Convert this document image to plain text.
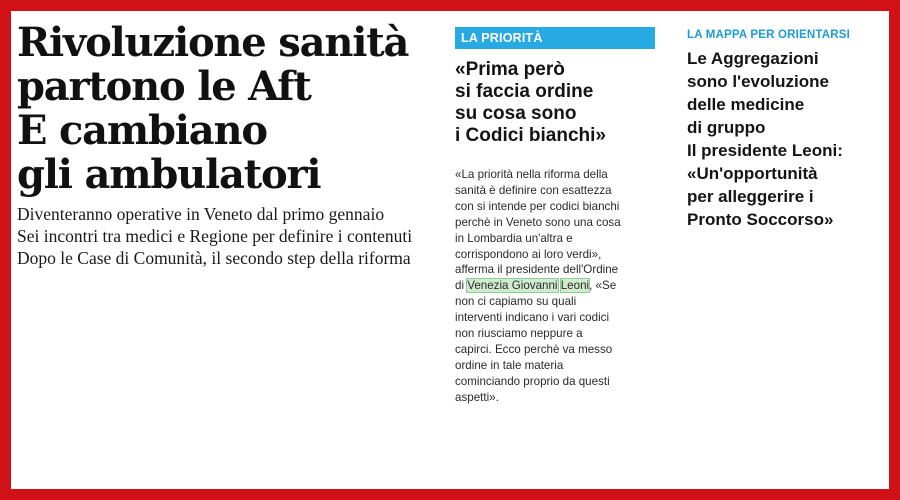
Rivoluzione sanità
partono le Aft
E cambiano
gli ambulatori
Diventeranno operative in Veneto dal primo gennaio
Sei incontri tra medici e Regione per definire i contenuti
Dopo le Case di Comunità, il secondo step della riforma
LA PRIORITÀ
«Prima però
si faccia ordine
su cosa sono
i Codici bianchi»
«La priorità nella riforma della
sanità è definire con esattezza
con si intende per codici bianchi
perchè in Veneto sono una cosa
in Lombardia un'altra e
corrispondono ai loro verdi»,
afferma il presidente dell'Ordine
di Venezia Giovanni Leoni, «Se
non ci capiamo su quali
interventi indicano i vari codici
non riusciamo neppure a
capirci. Ecco perchè va messo
ordine in tale materia
cominciando proprio da questi
aspetti».
LA MAPPA PER ORIENTARSI
Le Aggregazioni
sono l'evoluzione
delle medicine
di gruppo
Il presidente Leoni:
«Un'opportunità
per alleggerire i
Pronto Soccorso»
